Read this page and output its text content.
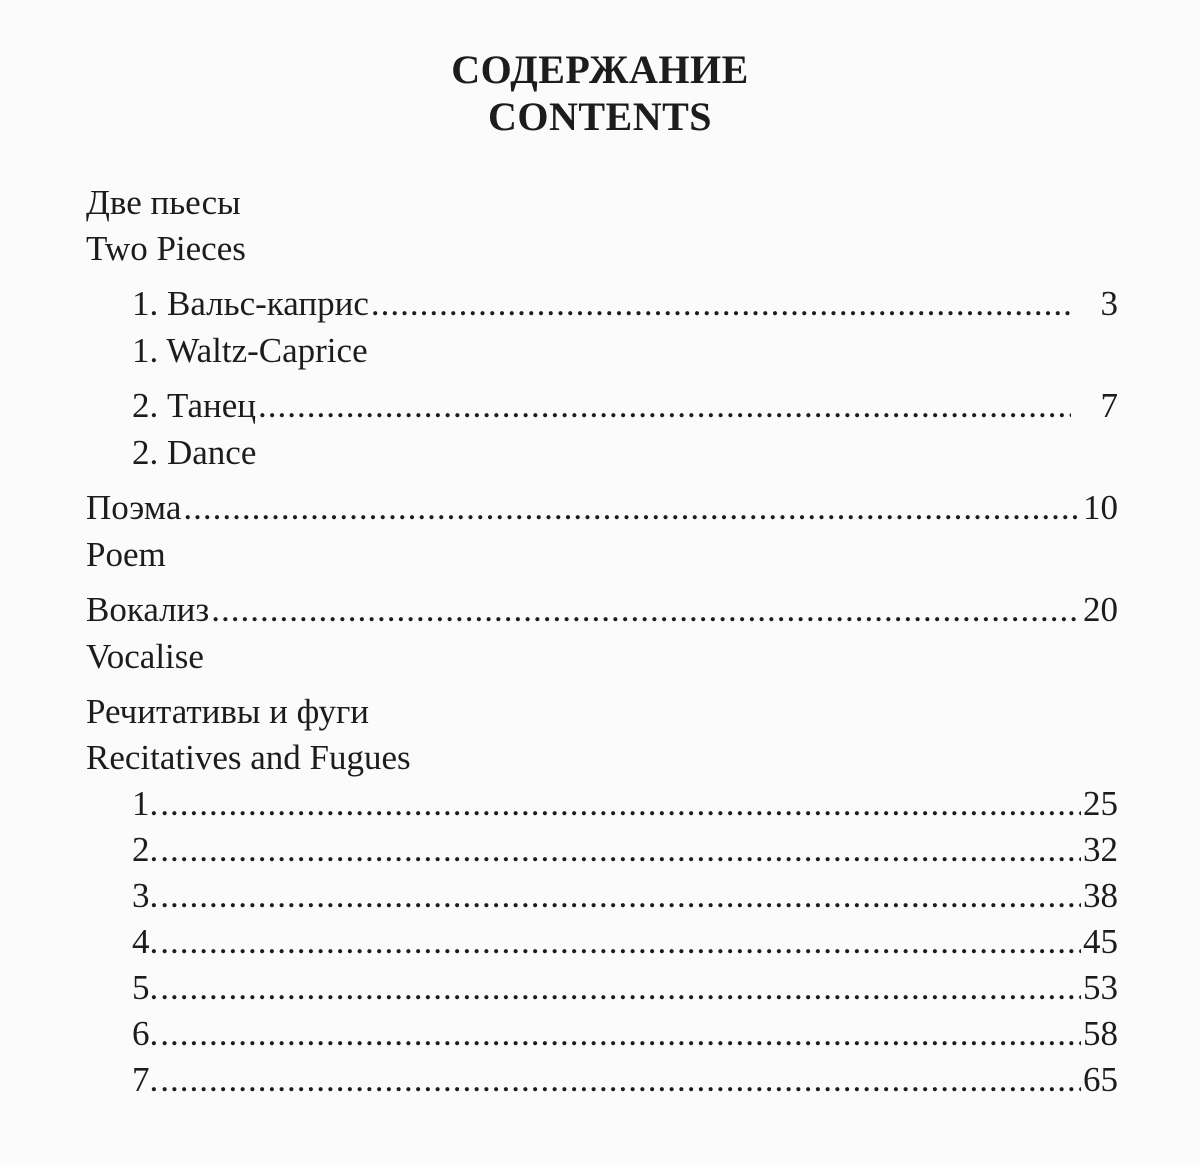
СОДЕРЖАНИЕ
CONTENTS
Две пьесы
Two Pieces
1. Вальс-каприс .....	3
1. Waltz-Caprice
2. Танец .....	7
2. Dance
Поэма .....	10
Poem
Вокализ .....	20
Vocalise
Речитативы и фуги
Recitatives and Fugues
1. .....	25
2. .....	32
3. .....	38
4. .....	45
5. .....	53
6. .....	58
7. .....	65
